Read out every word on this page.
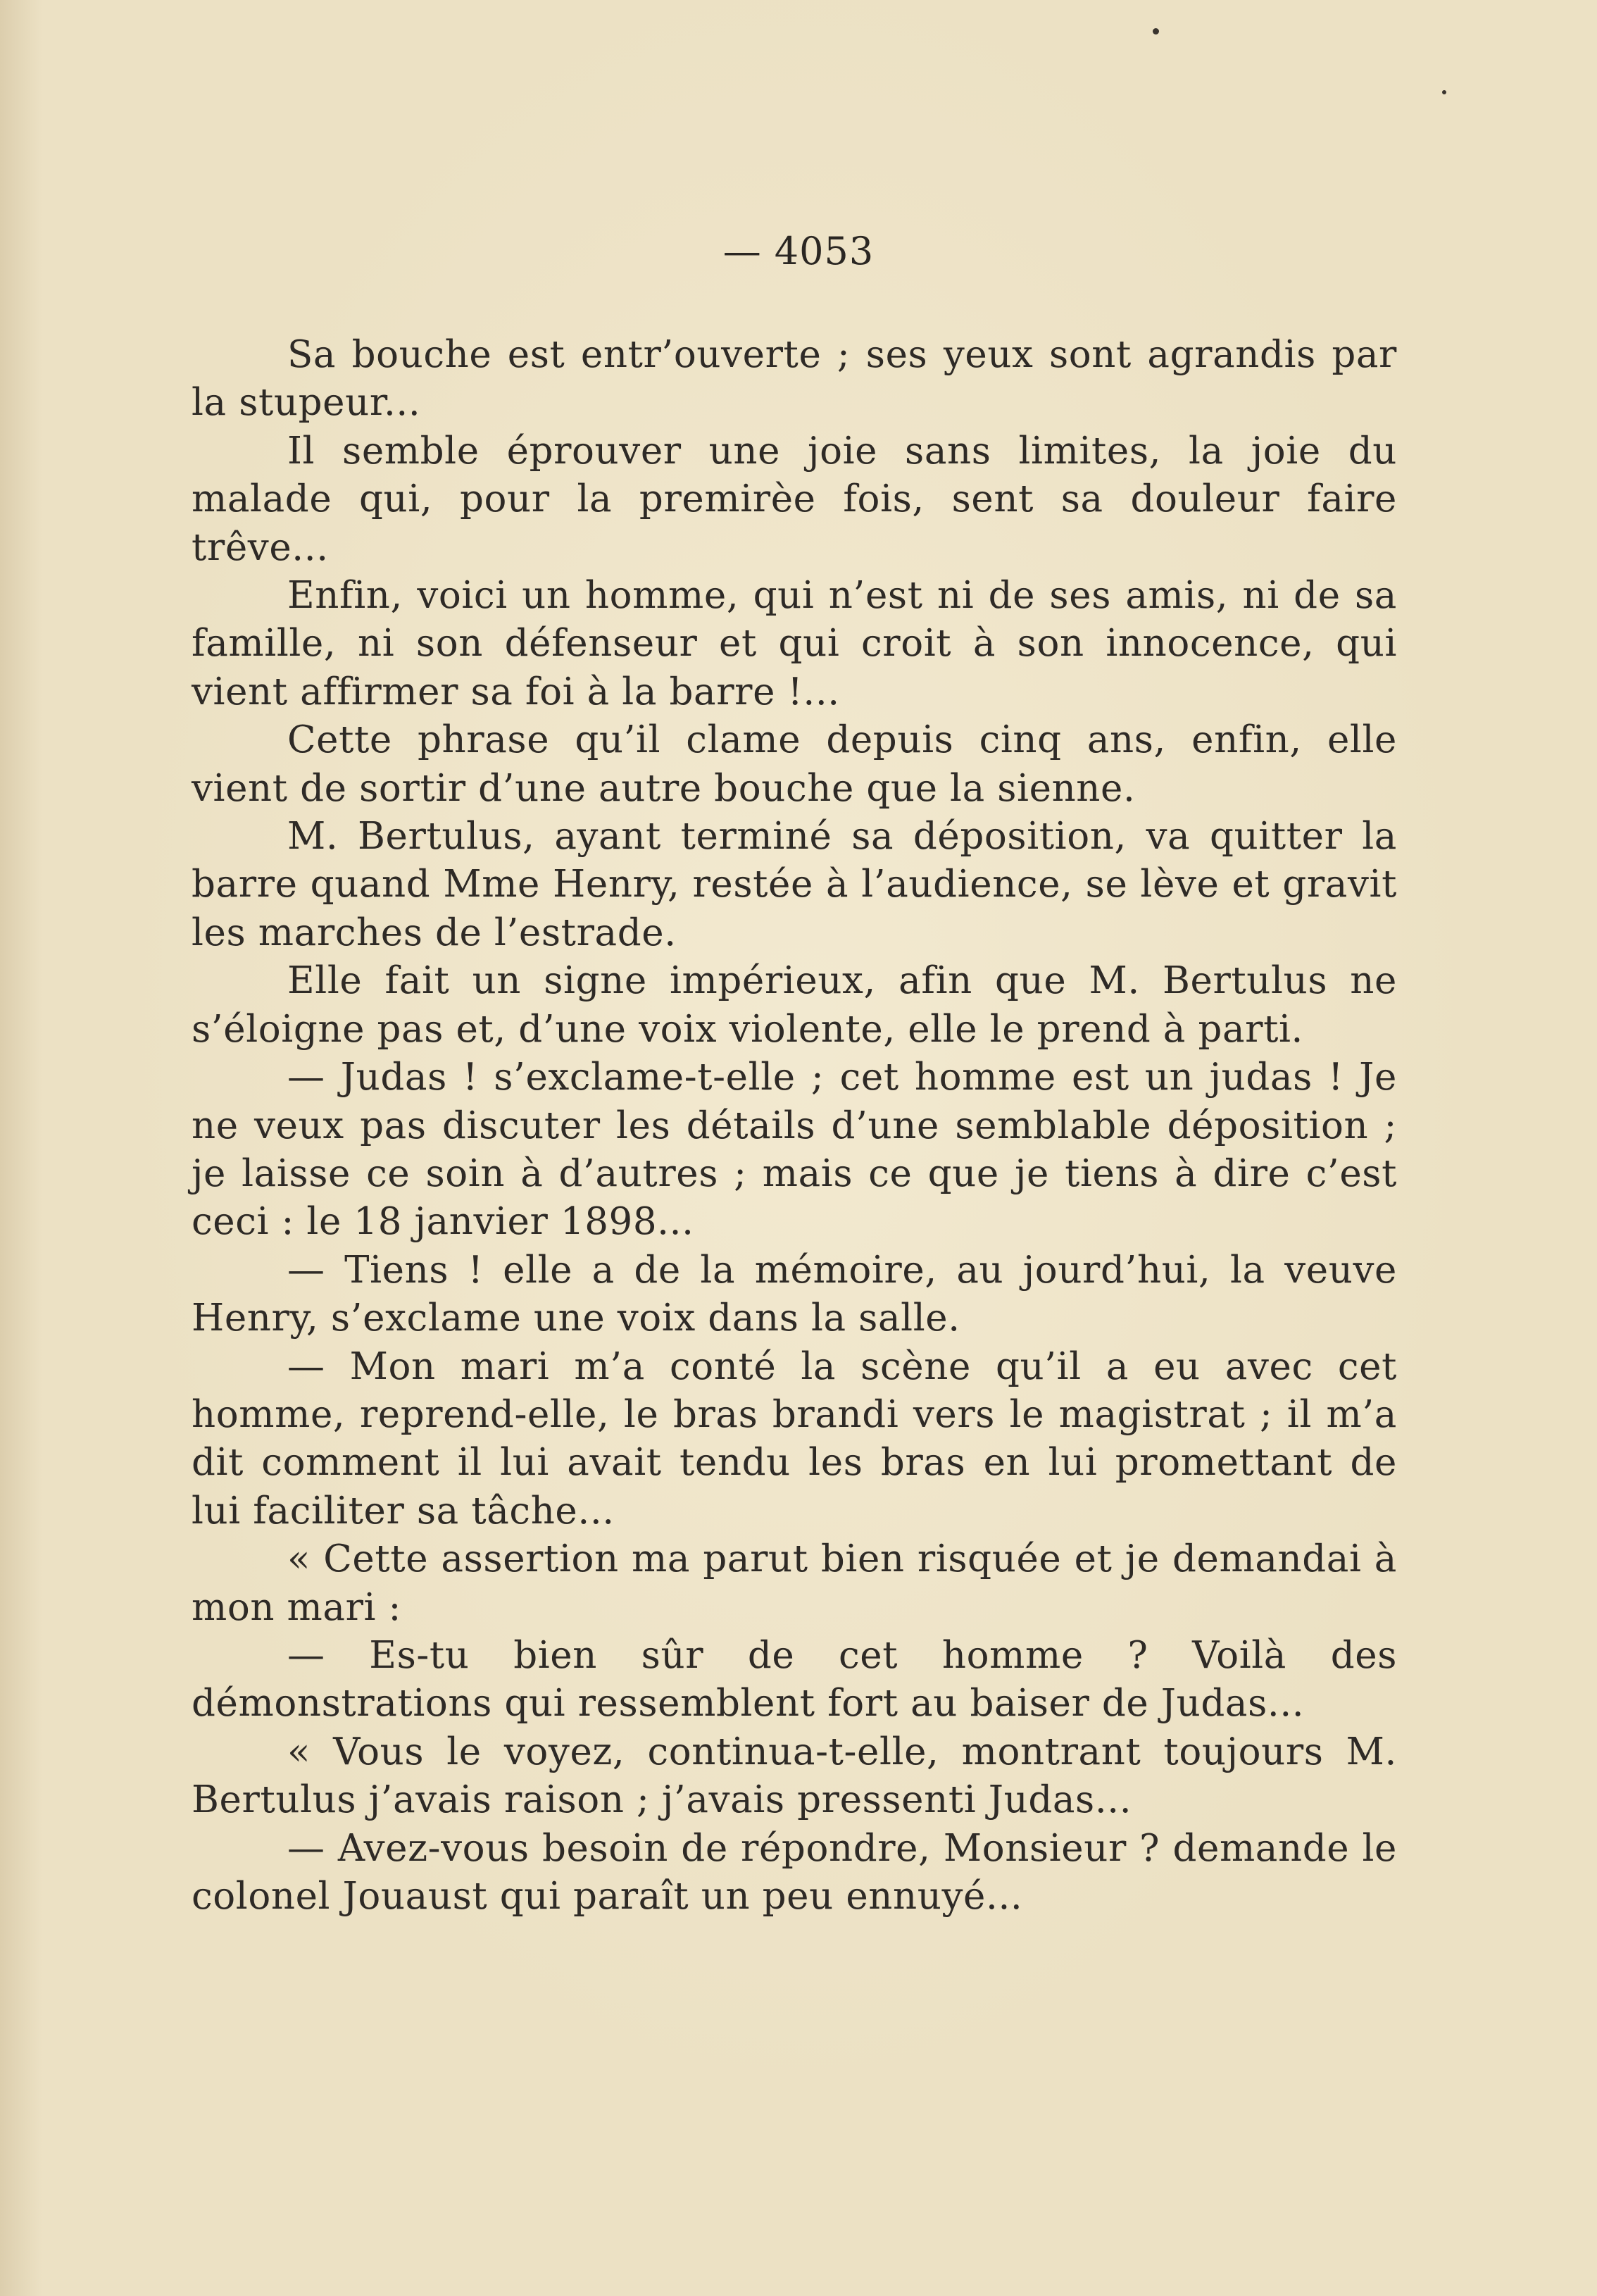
— 4053

Sa bouche est entr’ouverte ; ses yeux sont agrandis par la stupeur...

Il semble éprouver une joie sans limites, la joie du malade qui, pour la premirèe fois, sent sa douleur faire trêve...

Enfin, voici un homme, qui n’est ni de ses amis, ni de sa famille, ni son défenseur et qui croit à son innocence, qui vient affirmer sa foi à la barre !...

Cette phrase qu’il clame depuis cinq ans, enfin, elle vient de sortir d’une autre bouche que la sienne.

M. Bertulus, ayant terminé sa déposition, va quitter la barre quand Mme Henry, restée à l’audience, se lève et gravit les marches de l’estrade.

Elle fait un signe impérieux, afin que M. Bertulus ne s’éloigne pas et, d’une voix violente, elle le prend à parti.

— Judas ! s’exclame-t-elle ; cet homme est un judas ! Je ne veux pas discuter les détails d’une semblable déposition ; je laisse ce soin à d’autres ; mais ce que je tiens à dire c’est ceci : le 18 janvier 1898...

— Tiens ! elle a de la mémoire, au jourd’hui, la veuve Henry, s’exclame une voix dans la salle.

— Mon mari m’a conté la scène qu’il a eu avec cet homme, reprend-elle, le bras brandi vers le magistrat ; il m’a dit comment il lui avait tendu les bras en lui promettant de lui faciliter sa tâche...

« Cette assertion ma parut bien risquée et je demandai à mon mari :

— Es-tu bien sûr de cet homme ? Voilà des démonstrations qui ressemblent fort au baiser de Judas...

« Vous le voyez, continua-t-elle, montrant toujours M. Bertulus j’avais raison ; j’avais pressenti Judas...

— Avez-vous besoin de répondre, Monsieur ? demande le colonel Jouaust qui paraît un peu ennuyé...
